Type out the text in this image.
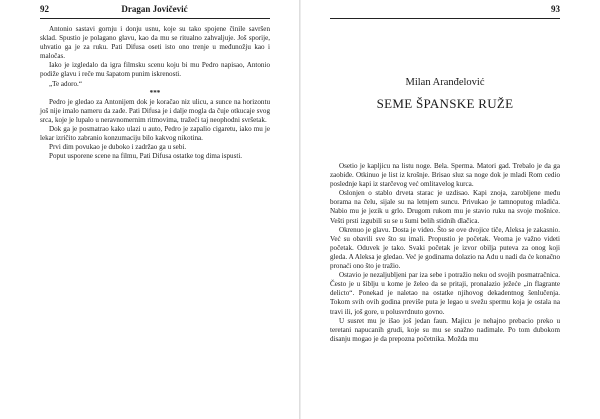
92	Dragan Jovičević

Antonio sastavi gornju i donju usnu, koje su tako spojene činile savršen sklad. Spustio je polagano glavu, kao da mu se ritualno zahvaljuje. Još sporije, uhvatio ga je za ruku. Pati Difusa oseti isto ono trenje u međunožju kao i maločas.

Iako je izgledalo da igra filmsku scenu koju bi mu Pedro napisao, Antonio podiže glavu i reče mu šapatom punim iskrenosti.

„Te adoro.“

***

Pedro je gledao za Antonijem dok je koračao niz ulicu, a sunce na horizontu još nije imalo nameru da zađe. Pati Difusa je i dalje mogla da čuje otkucaje svog srca, koje je lupalo u neravnomernim ritmovima, tražeći taj neophodni svršetak.

Dok ga je posmatrao kako ulazi u auto, Pedro je zapalio cigaretu, iako mu je lekar izričito zabranio konzumaciju bilo kakvog nikotina.

Prvi dim povukao je duboko i zadržao ga u sebi.

Poput usporene scene na filmu, Pati Difusa ostatke tog dima ispusti.

93
Milan Aranđelović
SEME ŠPANSKE RUŽE

Osetio je kapljicu na listu noge. Bela. Sperma. Matori gad. Trebalo je da ga zaobiđe. Otkinuo je list iz krošnje. Brisao sluz sa noge dok je mladi Rom cedio poslednje kapi iz starčevog već omlitavelog kurca.

Oslonjen o stablo drveta starac je uzdisao. Kapi znoja, zarobljene među borama na čelu, sijale su na letnjem suncu. Privukao je tamnoputog mladića. Nabio mu je jezik u grlo. Drugom rukom mu je stavio ruku na svoje mošnice. Vešti prsti izgubili su se u šumi belih stidnih dlačica.

Okrenuo je glavu. Dosta je video. Što se ove dvojice tiče, Aleksa je zakasnio. Već su obavili sve što su imali. Propustio je početak. Veoma je važno videti početak. Oduvek je tako. Svaki početak je izvor obilja puteva za onog koji gleda. A Aleksa je gledao. Već je godinama dolazio na Adu u nadi da će konačno pronaći ono što je tražio.

Ostavio je nezaljubljeni par iza sebe i potražio neku od svojih posmatračnica. Često je u šiblju u kome je želeo da se pritaji, pronalazio ježeće „in flagrante delicto“. Ponekad je naletao na ostatke njihovog dekadentnog šenlučenja. Tokom svih ovih godina previše puta je legao u svežu spermu koja je ostala na travi ili, još gore, u polusvrdnuto govno.

U susret mu je išao još jedan faun. Majicu je nehajno prebacio preko u teretani napucanih grudi, koje su mu se snažno nadimale. Po tom dubokom disanju mogao je da prepozna početnika. Možda mu
